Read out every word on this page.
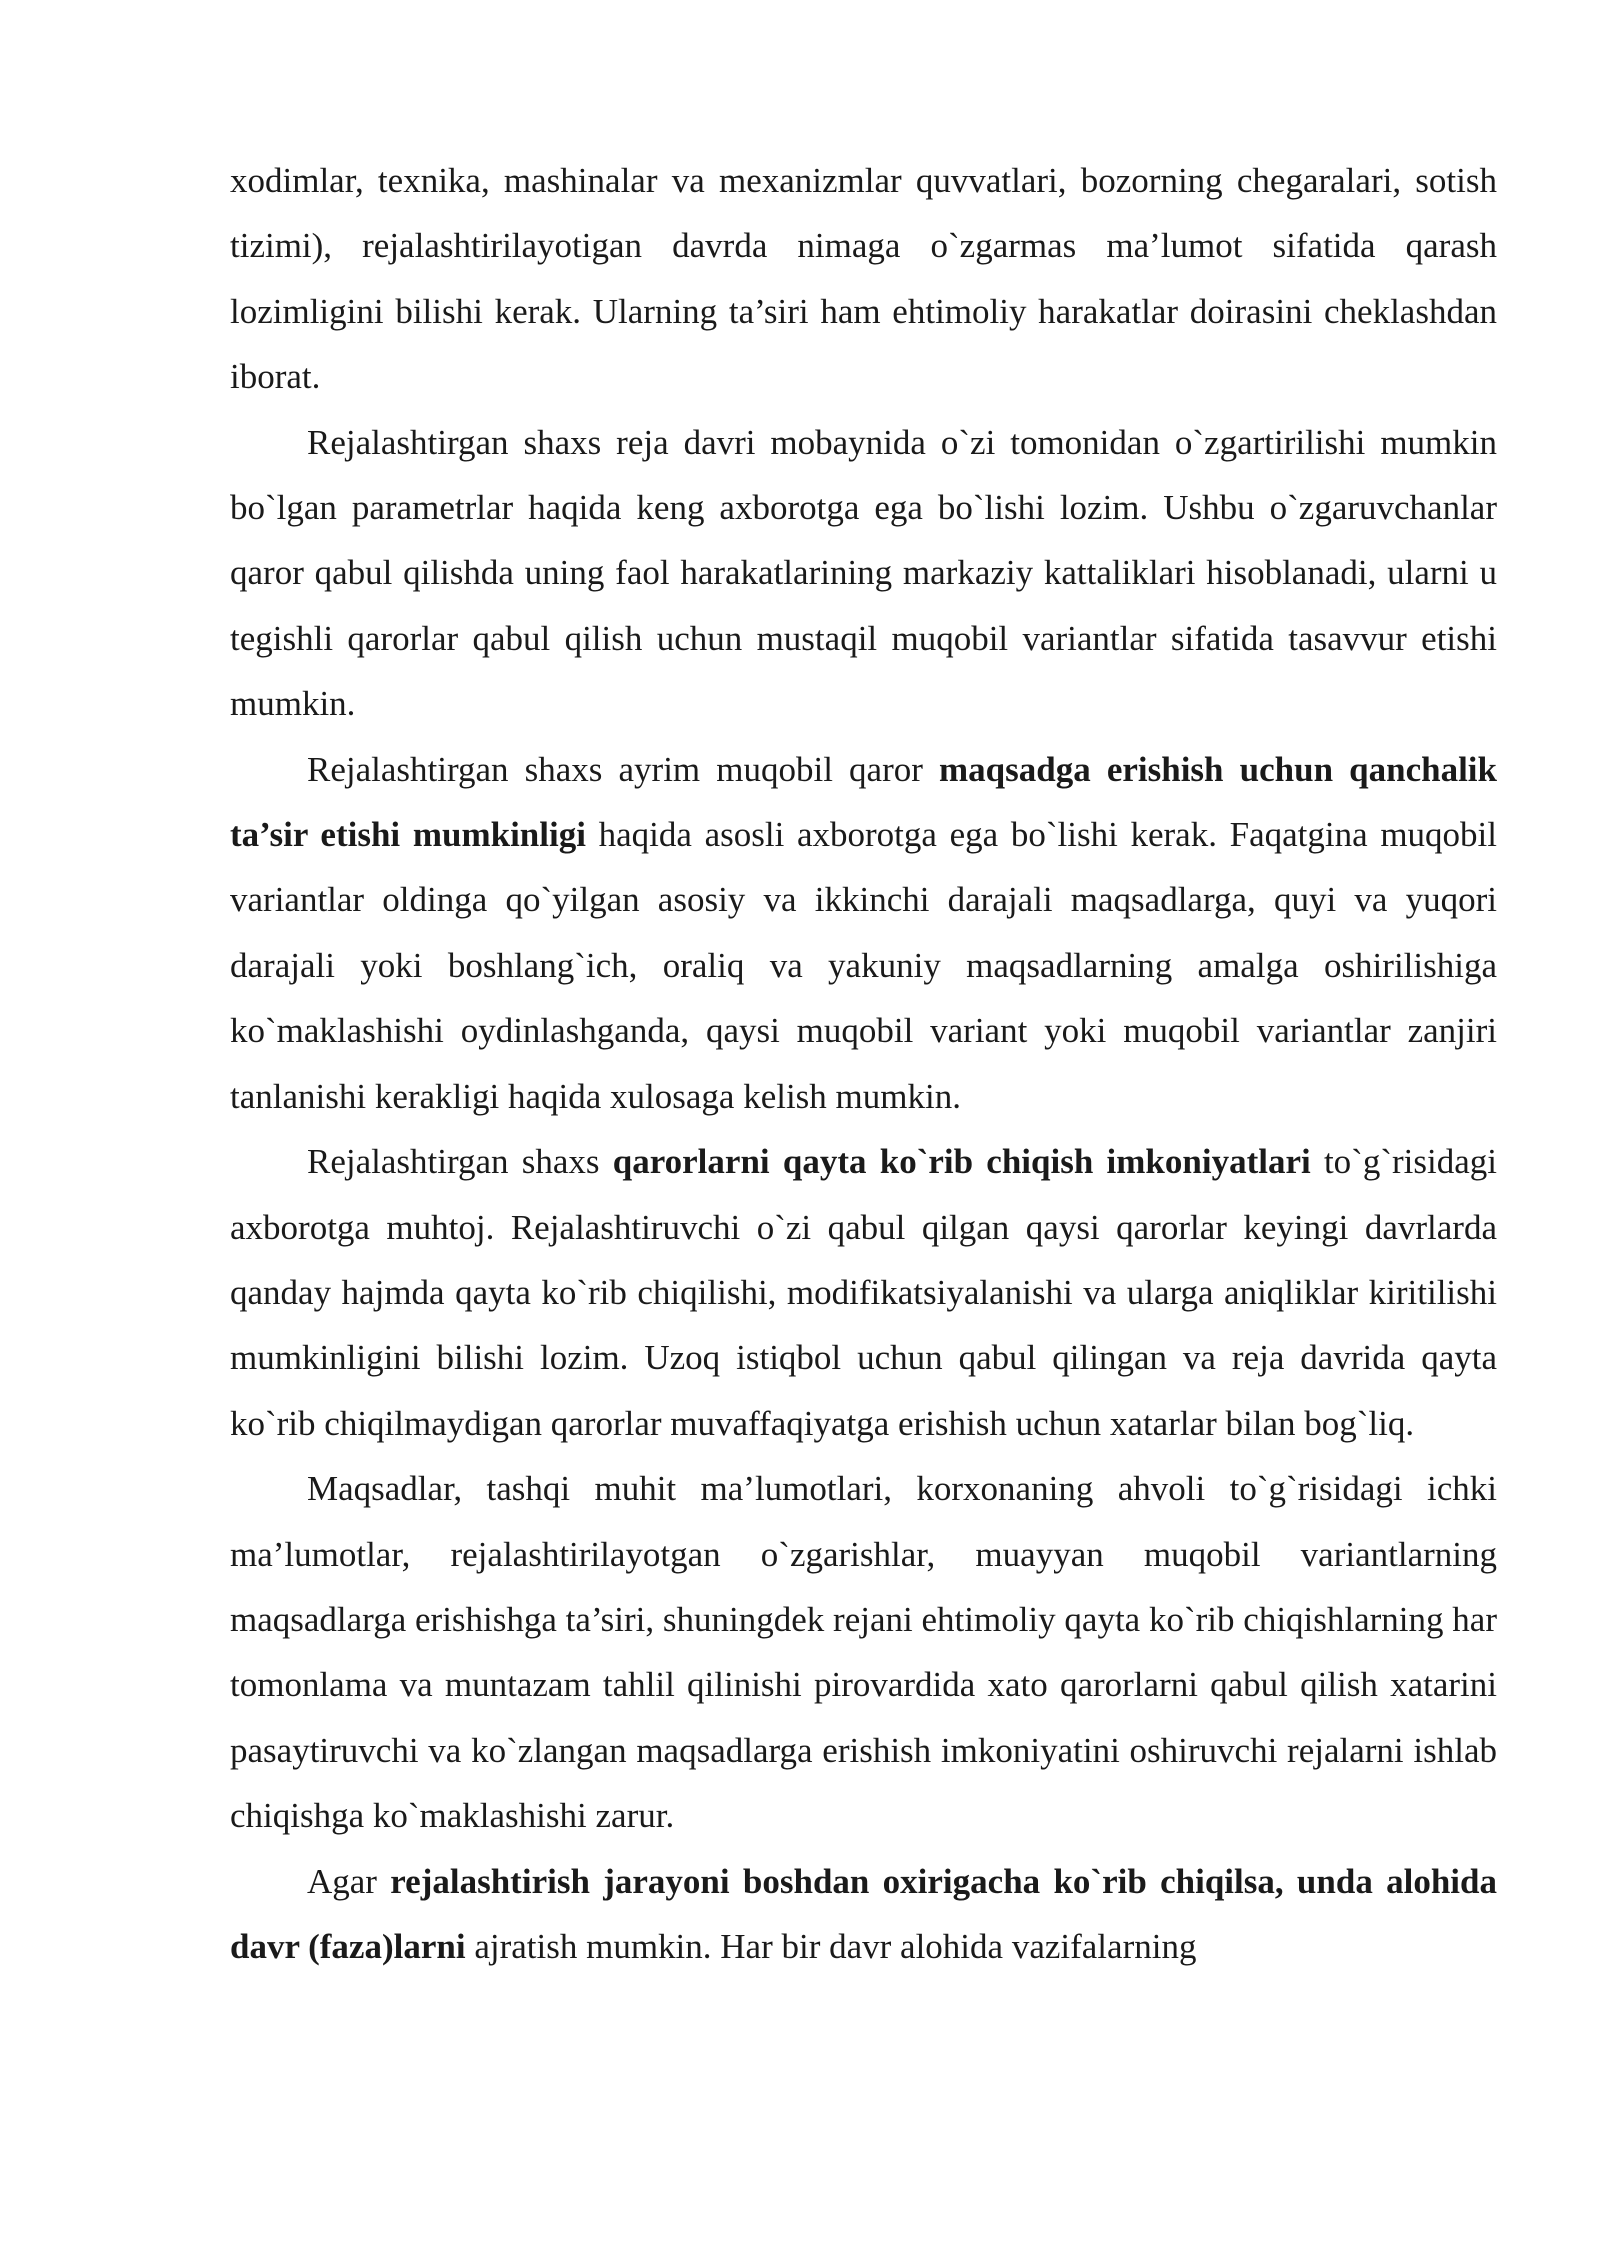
xodimlar, texnika, mashinalar va mexanizmlar quvvatlari, bozorning chegaralari, sotish tizimi), rejalashtirilayotigan davrda nimaga o`zgarmas ma’lumot sifatida qarash lozimligini bilishi kerak. Ularning ta’siri ham ehtimoliy harakatlar doirasini cheklashdan iborat.

Rejalashtirgan shaxs reja davri mobaynida o`zi tomonidan o`zgartirilishi mumkin bo`lgan parametrlar haqida keng axborotga ega bo`lishi lozim. Ushbu o`zgaruvchanlar qaror qabul qilishda uning faol harakatlarining markaziy kattaliklari hisoblanadi, ularni u tegishli qarorlar qabul qilish uchun mustaqil muqobil variantlar sifatida tasavvur etishi mumkin.

Rejalashtirgan shaxs ayrim muqobil qaror maqsadga erishish uchun qanchalik ta’sir etishi mumkinligi haqida asosli axborotga ega bo`lishi kerak. Faqatgina muqobil variantlar oldinga qo`yilgan asosiy va ikkinchi darajali maqsadlarga, quyi va yuqori darajali yoki boshlang`ich, oraliq va yakuniy maqsadlarning amalga oshirilishiga ko`maklashishi oydinlashganda, qaysi muqobil variant yoki muqobil variantlar zanjiri tanlanishi kerakligi haqida xulosaga kelish mumkin.

Rejalashtirgan shaxs qarorlarni qayta ko`rib chiqish imkoniyatlari to`g`risidagi axborotga muhtoj. Rejalashtiruvchi o`zi qabul qilgan qaysi qarorlar keyingi davrlarda qanday hajmda qayta ko`rib chiqilishi, modifikatsiyalanishi va ularga aniqliklar kiritilishi mumkinligini bilishi lozim. Uzoq istiqbol uchun qabul qilingan va reja davrida qayta ko`rib chiqilmaydigan qarorlar muvaffaqiyatga erishish uchun xatarlar bilan bog`liq.

Maqsadlar, tashqi muhit ma’lumotlari, korxonaning ahvoli to`g`risidagi ichki ma’lumotlar, rejalashtirilayotgan o`zgarishlar, muayyan muqobil variantlarning maqsadlarga erishishga ta’siri, shuningdek rejani ehtimoliy qayta ko`rib chiqishlarning har tomonlama va muntazam tahlil qilinishi pirovardida xato qarorlarni qabul qilish xatarini pasaytiruvchi va ko`zlangan maqsadlarga erishish imkoniyatini oshiruvchi rejalarni ishlab chiqishga ko`maklashishi zarur.

Agar rejalashtirish jarayoni boshdan oxirigacha ko`rib chiqilsa, unda alohida davr (faza)larni ajratish mumkin. Har bir davr alohida vazifalarning
